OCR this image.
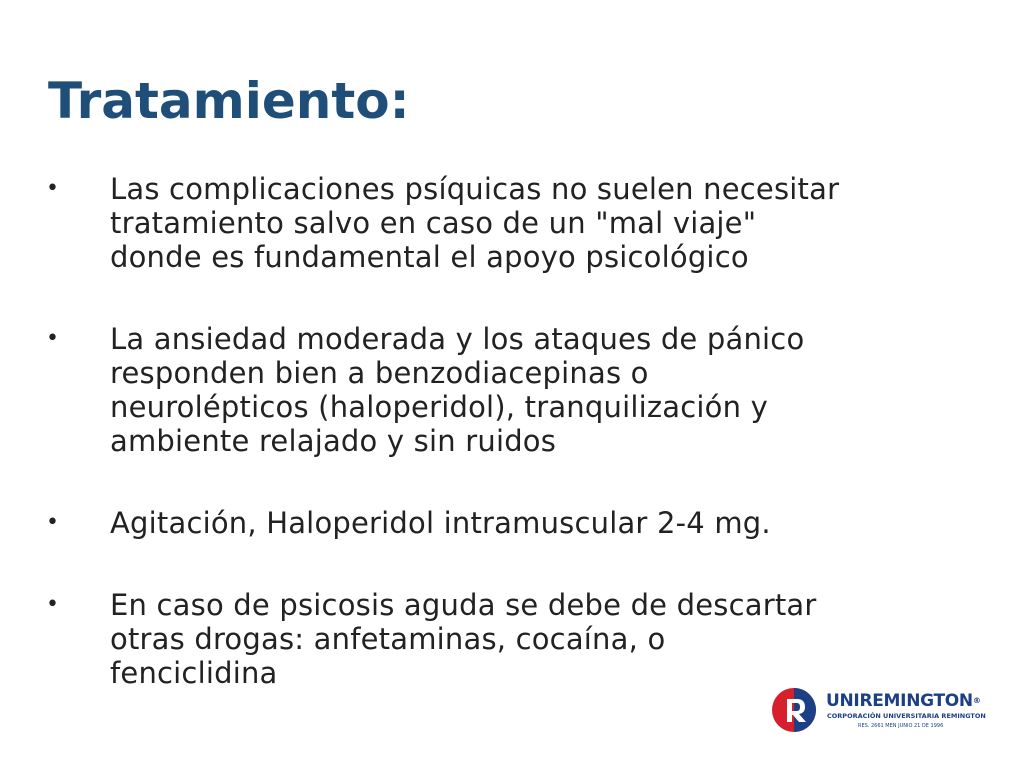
Tratamiento:
• Las complicaciones psíquicas no suelen necesitar
tratamiento salvo en caso de un "mal viaje"
donde es fundamental el apoyo psicológico
• La ansiedad moderada y los ataques de pánico
responden bien a benzodiacepinas o
neurolépticos (haloperidol), tranquilización y
ambiente relajado y sin ruidos
• Agitación, Haloperidol intramuscular 2-4 mg.
• En caso de psicosis aguda se debe de descartar
otras drogas: anfetaminas, cocaína, o
fenciclidina
UNIREMINGTON®
CORPORACIÓN UNIVERSITARIA REMINGTON
RES. 2661 MEN JUNIO 21 DE 1996
